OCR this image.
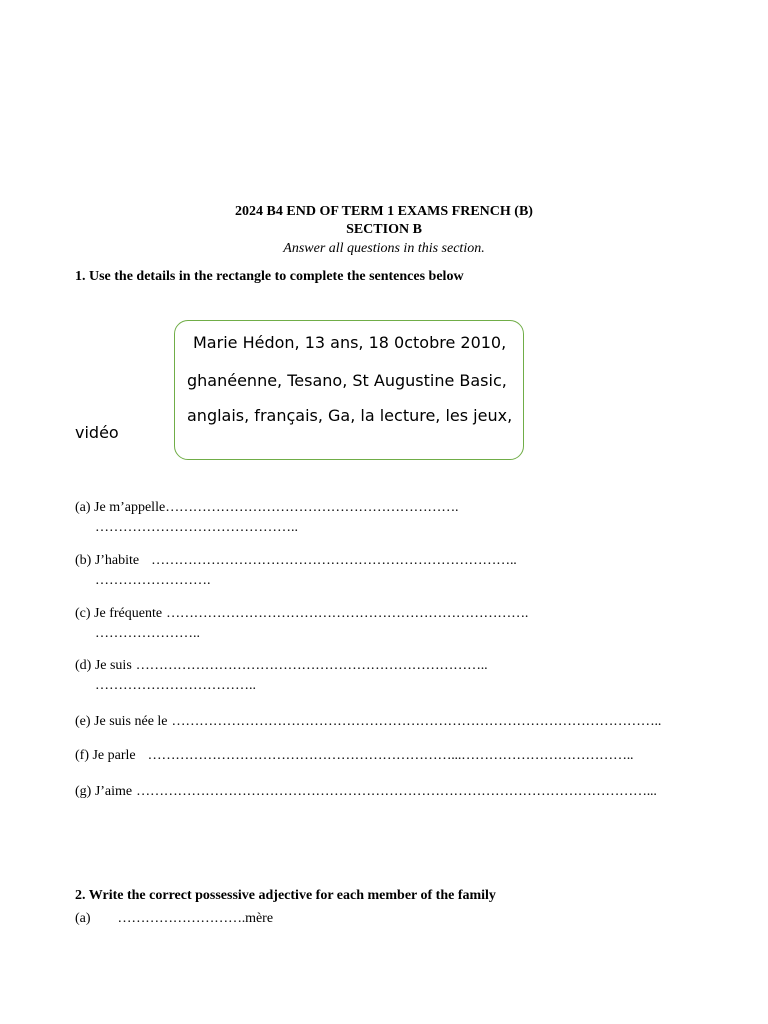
2024 B4 END OF TERM 1 EXAMS FRENCH (B)
SECTION B
Answer all questions in this section.
1. Use the details in the rectangle to complete the sentences below
Marie Hédon, 13 ans, 18 0ctobre 2010,
ghanéenne, Tesano, St Augustine Basic,
anglais, français, Ga, la lecture, les jeux,
vidéo
(a) Je m’appelle……………………………………………………….
……………………………………..
(b) J’habite ……………………………………………………………………..
…………………….
(c) Je fréquente …………………………………………………………………….
…………………..
(d) Je suis …………………………………………………………………..
……………………………..
(e) Je suis née le ……………………………………………………………………………………………..
(f) Je parle …………………………………………………………...………………………………..
(g) J’aime …………………………………………………………………………………………………...
2. Write the correct possessive adjective for each member of the family
(a) ……………………….mère
